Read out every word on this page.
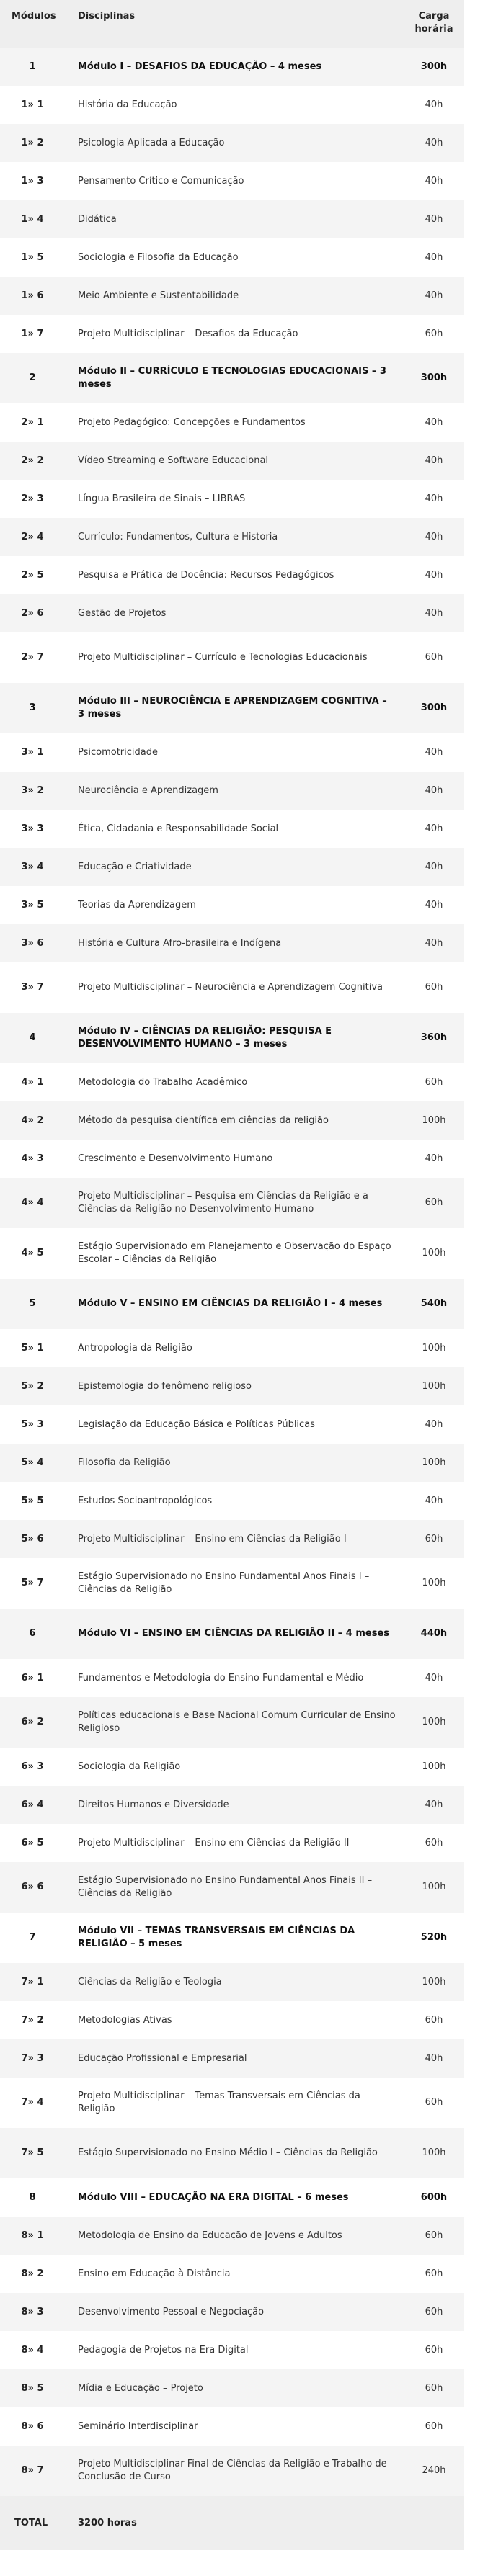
Módulos	Disciplinas	Carga horária
1	Módulo I – DESAFIOS DA EDUCAÇÃO – 4 meses	300h
1» 1	História da Educação	40h
1» 2	Psicologia Aplicada a Educação	40h
1» 3	Pensamento Crítico e Comunicação	40h
1» 4	Didática	40h
1» 5	Sociologia e Filosofia da Educação	40h
1» 6	Meio Ambiente e Sustentabilidade	40h
1» 7	Projeto Multidisciplinar – Desafios da Educação	60h
2	Módulo II – CURRÍCULO E TECNOLOGIAS EDUCACIONAIS – 3 meses	300h
2» 1	Projeto Pedagógico: Concepções e Fundamentos	40h
2» 2	Vídeo Streaming e Software Educacional	40h
2» 3	Língua Brasileira de Sinais – LIBRAS	40h
2» 4	Currículo: Fundamentos, Cultura e Historia	40h
2» 5	Pesquisa e Prática de Docência: Recursos Pedagógicos	40h
2» 6	Gestão de Projetos	40h
2» 7	Projeto Multidisciplinar – Currículo e Tecnologias Educacionais	60h
3	Módulo III – NEUROCIÊNCIA E APRENDIZAGEM COGNITIVA – 3 meses	300h
3» 1	Psicomotricidade	40h
3» 2	Neurociência e Aprendizagem	40h
3» 3	Ética, Cidadania e Responsabilidade Social	40h
3» 4	Educação e Criatividade	40h
3» 5	Teorias da Aprendizagem	40h
3» 6	História e Cultura Afro-brasileira e Indígena	40h
3» 7	Projeto Multidisciplinar – Neurociência e Aprendizagem Cognitiva	60h
4	Módulo IV – CIÊNCIAS DA RELIGIÃO: PESQUISA E DESENVOLVIMENTO HUMANO – 3 meses	360h
4» 1	Metodologia do Trabalho Acadêmico	60h
4» 2	Método da pesquisa científica em ciências da religião	100h
4» 3	Crescimento e Desenvolvimento Humano	40h
4» 4	Projeto Multidisciplinar – Pesquisa em Ciências da Religião e a Ciências da Religião no Desenvolvimento Humano	60h
4» 5	Estágio Supervisionado em Planejamento e Observação do Espaço Escolar – Ciências da Religião	100h
5	Módulo V – ENSINO EM CIÊNCIAS DA RELIGIÃO I – 4 meses	540h
5» 1	Antropologia da Religião	100h
5» 2	Epistemologia do fenômeno religioso	100h
5» 3	Legislação da Educação Básica e Políticas Públicas	40h
5» 4	Filosofia da Religião	100h
5» 5	Estudos Socioantropológicos	40h
5» 6	Projeto Multidisciplinar – Ensino em Ciências da Religião I	60h
5» 7	Estágio Supervisionado no Ensino Fundamental Anos Finais I – Ciências da Religião	100h
6	Módulo VI – ENSINO EM CIÊNCIAS DA RELIGIÃO II – 4 meses	440h
6» 1	Fundamentos e Metodologia do Ensino Fundamental e Médio	40h
6» 2	Políticas educacionais e Base Nacional Comum Curricular de Ensino Religioso	100h
6» 3	Sociologia da Religião	100h
6» 4	Direitos Humanos e Diversidade	40h
6» 5	Projeto Multidisciplinar – Ensino em Ciências da Religião II	60h
6» 6	Estágio Supervisionado no Ensino Fundamental Anos Finais II – Ciências da Religião	100h
7	Módulo VII – TEMAS TRANSVERSAIS EM CIÊNCIAS DA RELIGIÃO – 5 meses	520h
7» 1	Ciências da Religião e Teologia	100h
7» 2	Metodologias Ativas	60h
7» 3	Educação Profissional e Empresarial	40h
7» 4	Projeto Multidisciplinar – Temas Transversais em Ciências da Religião	60h
7» 5	Estágio Supervisionado no Ensino Médio I – Ciências da Religião	100h
8	Módulo VIII – EDUCAÇÃO NA ERA DIGITAL – 6 meses	600h
8» 1	Metodologia de Ensino da Educação de Jovens e Adultos	60h
8» 2	Ensino em Educação à Distância	60h
8» 3	Desenvolvimento Pessoal e Negociação	60h
8» 4	Pedagogia de Projetos na Era Digital	60h
8» 5	Mídia e Educação – Projeto	60h
8» 6	Seminário Interdisciplinar	60h
8» 7	Projeto Multidisciplinar Final de Ciências da Religião e Trabalho de Conclusão de Curso	240h
TOTAL	3200 horas	
